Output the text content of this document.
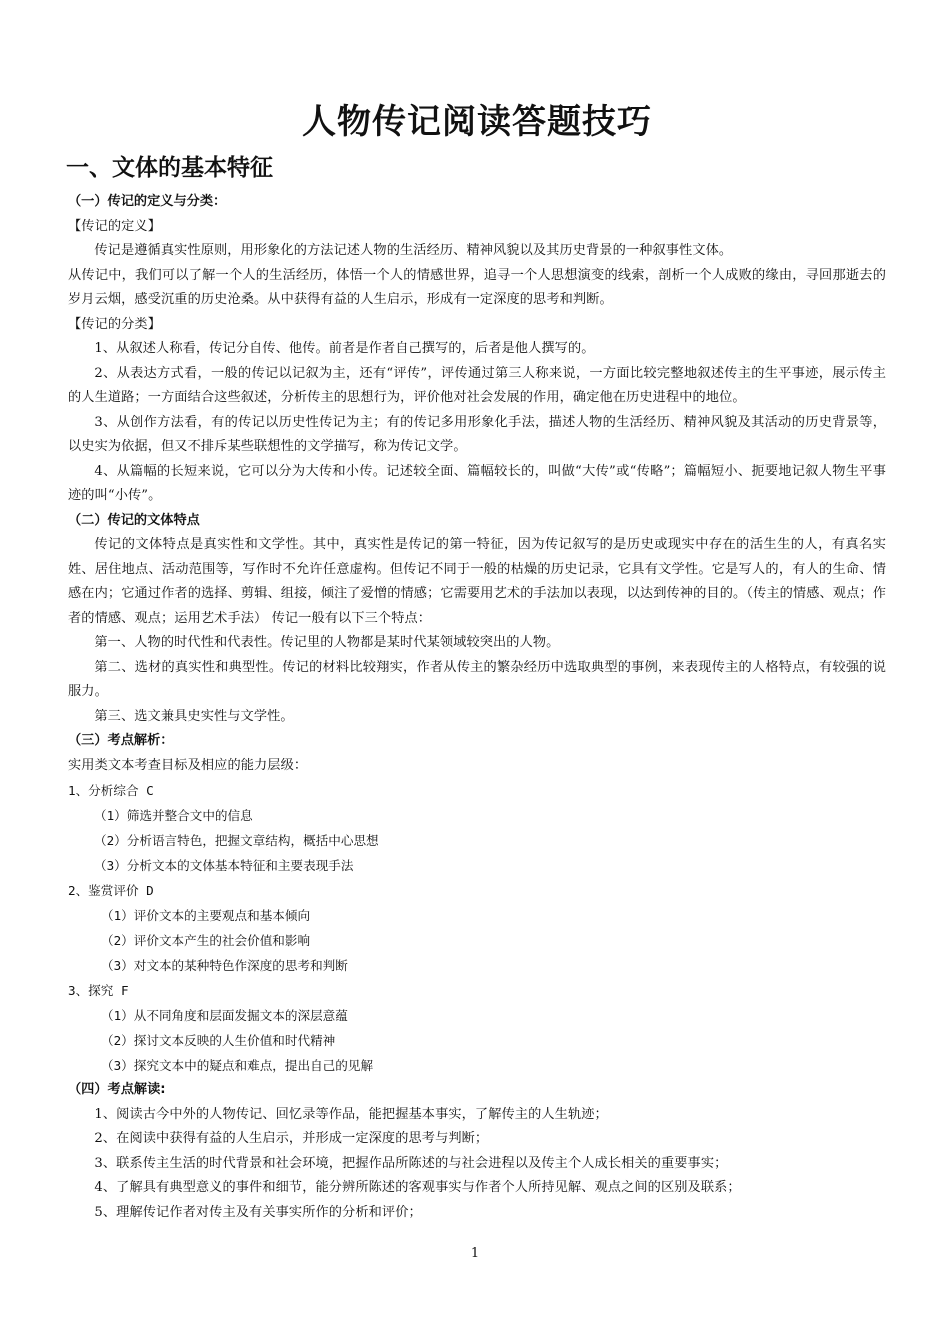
人物传记阅读答题技巧
一、文体的基本特征
（一）传记的定义与分类：
【传记的定义】
传记是遵循真实性原则，用形象化的方法记述人物的生活经历、精神风貌以及其历史背景的一种叙事性文体。
从传记中，我们可以了解一个人的生活经历，体悟一个人的情感世界，追寻一个人思想演变的线索，剖析一个人成败的缘由，寻回那逝去的岁月云烟，感受沉重的历史沧桑。从中获得有益的人生启示，形成有一定深度的思考和判断。
【传记的分类】
1、从叙述人称看，传记分自传、他传。前者是作者自己撰写的，后者是他人撰写的。
2、从表达方式看，一般的传记以记叙为主，还有“评传”，评传通过第三人称来说，一方面比较完整地叙述传主的生平事迹，展示传主的人生道路；一方面结合这些叙述，分析传主的思想行为，评价他对社会发展的作用，确定他在历史进程中的地位。
3、从创作方法看，有的传记以历史性传记为主；有的传记多用形象化手法，描述人物的生活经历、精神风貌及其活动的历史背景等，以史实为依据，但又不排斥某些联想性的文学描写，称为传记文学。
4、从篇幅的长短来说，它可以分为大传和小传。记述较全面、篇幅较长的，叫做“大传”或“传略”；篇幅短小、扼要地记叙人物生平事迹的叫“小传”。
（二）传记的文体特点
传记的文体特点是真实性和文学性。其中，真实性是传记的第一特征，因为传记叙写的是历史或现实中存在的活生生的人，有真名实姓、居住地点、活动范围等，写作时不允许任意虚构。但传记不同于一般的枯燥的历史记录，它具有文学性。它是写人的，有人的生命、情感在内；它通过作者的选择、剪辑、组接，倾注了爱憎的情感；它需要用艺术的手法加以表现，以达到传神的目的。（传主的情感、观点；作者的情感、观点；运用艺术手法） 传记一般有以下三个特点：
第一、人物的时代性和代表性。传记里的人物都是某时代某领域较突出的人物。
第二、选材的真实性和典型性。传记的材料比较翔实，作者从传主的繁杂经历中选取典型的事例，来表现传主的人格特点，有较强的说服力。
第三、选文兼具史实性与文学性。
（三）考点解析：
实用类文本考查目标及相应的能力层级：
1、分析综合 C
（1）筛选并整合文中的信息
（2）分析语言特色，把握文章结构，概括中心思想
（3）分析文本的文体基本特征和主要表现手法
2、鉴赏评价 D
（1）评价文本的主要观点和基本倾向
（2）评价文本产生的社会价值和影响
（3）对文本的某种特色作深度的思考和判断
3、探究 F
（1）从不同角度和层面发掘文本的深层意蕴
（2）探讨文本反映的人生价值和时代精神
（3）探究文本中的疑点和难点，提出自己的见解
（四）考点解读:
1、阅读古今中外的人物传记、回忆录等作品，能把握基本事实，了解传主的人生轨迹；
2、在阅读中获得有益的人生启示，并形成一定深度的思考与判断；
3、联系传主生活的时代背景和社会环境，把握作品所陈述的与社会进程以及传主个人成长相关的重要事实；
4、了解具有典型意义的事件和细节，能分辨所陈述的客观事实与作者个人所持见解、观点之间的区别及联系；
5、理解传记作者对传主及有关事实所作的分析和评价；
1
